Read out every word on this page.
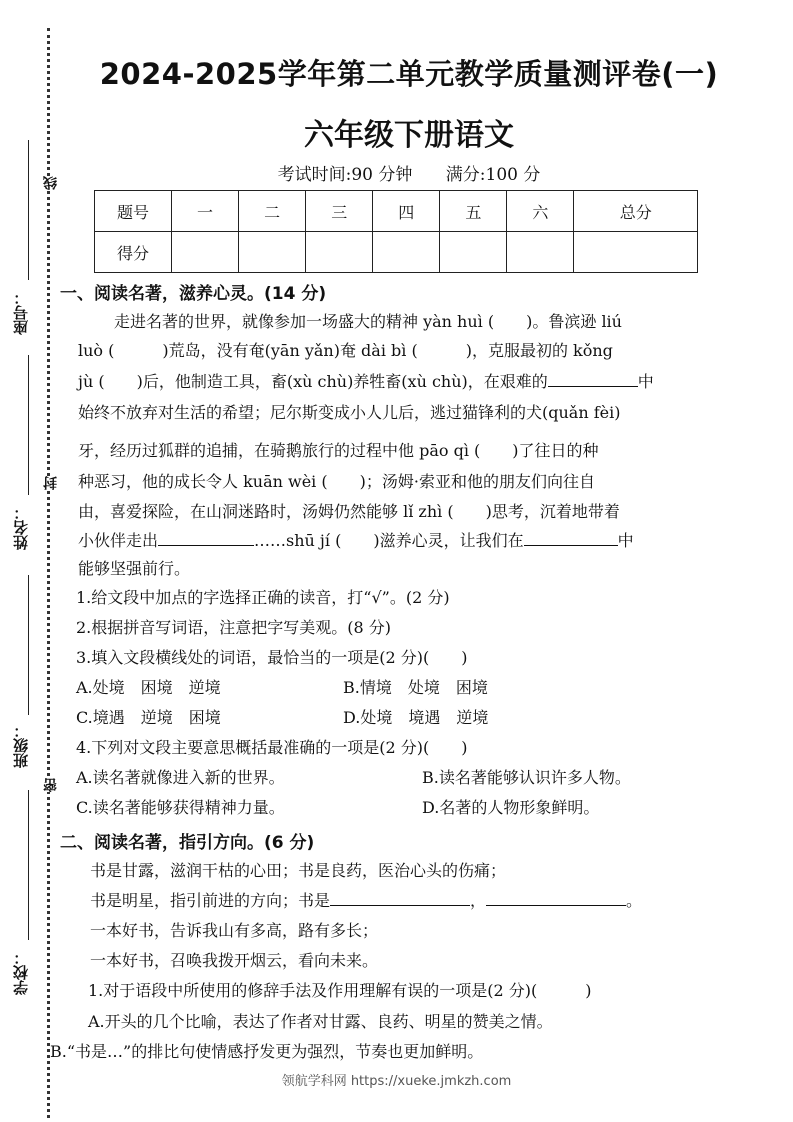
座号：
姓名：
班级：
学校：
线
封
密
2024-2025学年第二单元教学质量测评卷(一)
六年级下册语文
考试时间:90 分钟 满分:100 分
题号	一	二	三	四	五	六	总分
得分							
一、阅读名著，滋养心灵。(14 分)
走进名著的世界，就像参加一场盛大的精神 yàn huì (　　)。鲁滨逊 liú
luò (　　　)荒岛，没有奄(yān yǎn)奄 dài bì (　　　)，克服最初的 kǒng
jù (　　)后，他制造工具，畜(xù chù)养牲畜(xù chù)，在艰难的	中
始终不放弃对生活的希望；尼尔斯变成小人儿后，逃过猫锋利的犬(quǎn fèi)
牙，经历过狐群的追捕，在骑鹅旅行的过程中他 pāo qì (　　)了往日的种
种恶习，他的成长令人 kuān wèi (　　)；汤姆·索亚和他的朋友们向往自
由，喜爱探险，在山洞迷路时，汤姆仍然能够 lǐ zhì (　　)思考，沉着地带着
小伙伴走出	……shū jí (　　)滋养心灵，让我们在	中
能够坚强前行。
1.给文段中加点的字选择正确的读音，打“√”。(2 分)
2.根据拼音写词语，注意把字写美观。(8 分)
3.填入文段横线处的词语，最恰当的一项是(2 分)(　　)
A.处境　困境　逆境	B.情境　处境　困境
C.境遇　逆境　困境	D.处境　境遇　逆境
4.下列对文段主要意思概括最准确的一项是(2 分)(　　)
A.读名著就像进入新的世界。	B.读名著能够认识许多人物。
C.读名著能够获得精神力量。	D.名著的人物形象鲜明。
二、阅读名著，指引方向。(6 分)
书是甘露，滋润干枯的心田；书是良药，医治心头的伤痛；
书是明星，指引前进的方向；书是	，	。
一本好书，告诉我山有多高，路有多长；
一本好书，召唤我拨开烟云，看向未来。
1.对于语段中所使用的修辞手法及作用理解有误的一项是(2 分)(　　　)
A.开头的几个比喻，表达了作者对甘露、良药、明星的赞美之情。
B.“书是…”的排比句使情感抒发更为强烈，节奏也更加鲜明。
领航学科网 https://xueke.jmkzh.com
